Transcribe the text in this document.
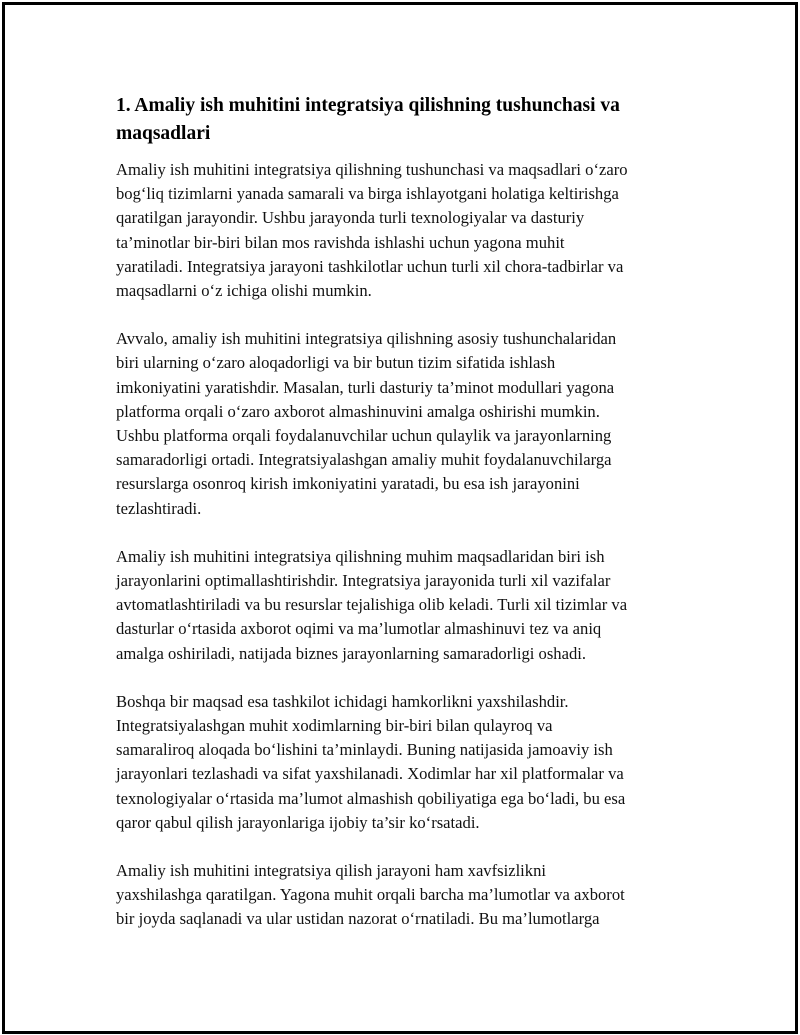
1. Amaliy ish muhitini integratsiya qilishning tushunchasi va
maqsadlari

Amaliy ish muhitini integratsiya qilishning tushunchasi va maqsadlari o‘zaro
bog‘liq tizimlarni yanada samarali va birga ishlayotgani holatiga keltirishga
qaratilgan jarayondir. Ushbu jarayonda turli texnologiyalar va dasturiy
ta’minotlar bir-biri bilan mos ravishda ishlashi uchun yagona muhit
yaratiladi. Integratsiya jarayoni tashkilotlar uchun turli xil chora-tadbirlar va
maqsadlarni o‘z ichiga olishi mumkin.

Avvalo, amaliy ish muhitini integratsiya qilishning asosiy tushunchalaridan
biri ularning o‘zaro aloqadorligi va bir butun tizim sifatida ishlash
imkoniyatini yaratishdir. Masalan, turli dasturiy ta’minot modullari yagona
platforma orqali o‘zaro axborot almashinuvini amalga oshirishi mumkin.
Ushbu platforma orqali foydalanuvchilar uchun qulaylik va jarayonlarning
samaradorligi ortadi. Integratsiyalashgan amaliy muhit foydalanuvchilarga
resurslarga osonroq kirish imkoniyatini yaratadi, bu esa ish jarayonini
tezlashtiradi.

Amaliy ish muhitini integratsiya qilishning muhim maqsadlaridan biri ish
jarayonlarini optimallashtirishdir. Integratsiya jarayonida turli xil vazifalar
avtomatlashtiriladi va bu resurslar tejalishiga olib keladi. Turli xil tizimlar va
dasturlar o‘rtasida axborot oqimi va ma’lumotlar almashinuvi tez va aniq
amalga oshiriladi, natijada biznes jarayonlarning samaradorligi oshadi.

Boshqa bir maqsad esa tashkilot ichidagi hamkorlikni yaxshilashdir.
Integratsiyalashgan muhit xodimlarning bir-biri bilan qulayroq va
samaraliroq aloqada bo‘lishini ta’minlaydi. Buning natijasida jamoaviy ish
jarayonlari tezlashadi va sifat yaxshilanadi. Xodimlar har xil platformalar va
texnologiyalar o‘rtasida ma’lumot almashish qobiliyatiga ega bo‘ladi, bu esa
qaror qabul qilish jarayonlariga ijobiy ta’sir ko‘rsatadi.

Amaliy ish muhitini integratsiya qilish jarayoni ham xavfsizlikni
yaxshilashga qaratilgan. Yagona muhit orqali barcha ma’lumotlar va axborot
bir joyda saqlanadi va ular ustidan nazorat o‘rnatiladi. Bu ma’lumotlarga
